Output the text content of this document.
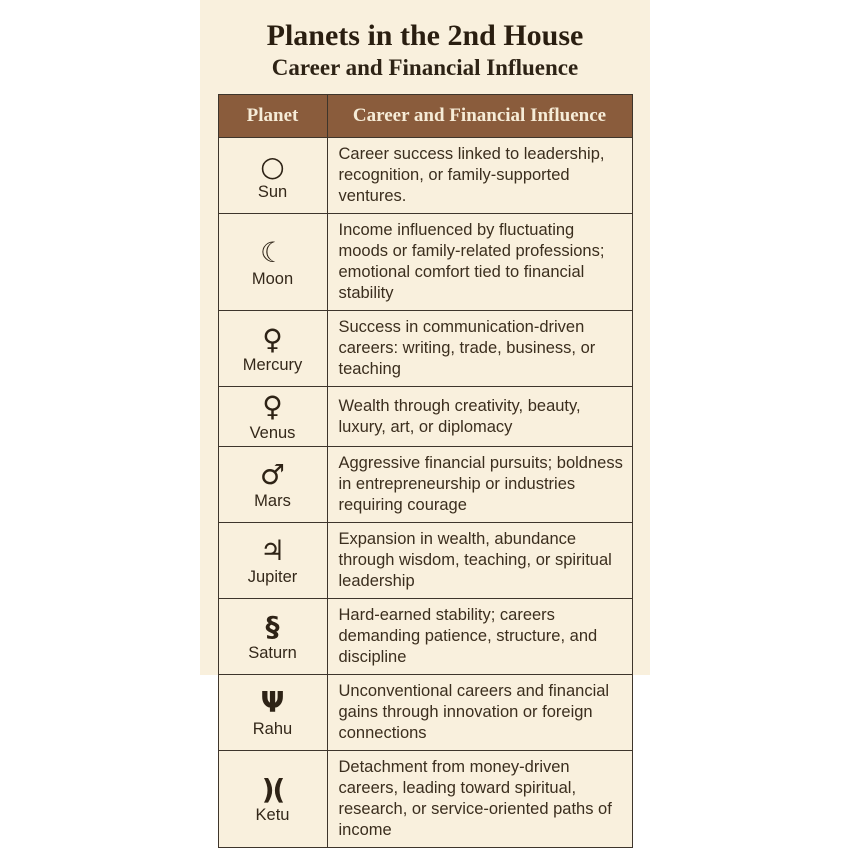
Planets in the 2nd House
Career and Financial Influence
Planet	Career and Financial Influence

○
Sun	Career success linked to leadership, recognition, or family-supported ventures.

☾
Moon	Income influenced by fluctuating moods or family-related professions; emotional comfort tied to financial stability

♀
Mercury	Success in communication-driven careers: writing, trade, business, or teaching

♀
Venus	Wealth through creativity, beauty, luxury, art, or diplomacy

♂
Mars	Aggressive financial pursuits; boldness in entrepreneurship or industries requiring courage

♃
Jupiter	Expansion in wealth, abundance through wisdom, teaching, or spiritual leadership

§
Saturn	Hard-earned stability; careers demanding patience, structure, and discipline

Ψ
Rahu	Unconventional careers and financial gains through innovation or foreign connections

)(
Ketu	Detachment from money-driven careers, leading toward spiritual, research, or service-oriented paths of income
